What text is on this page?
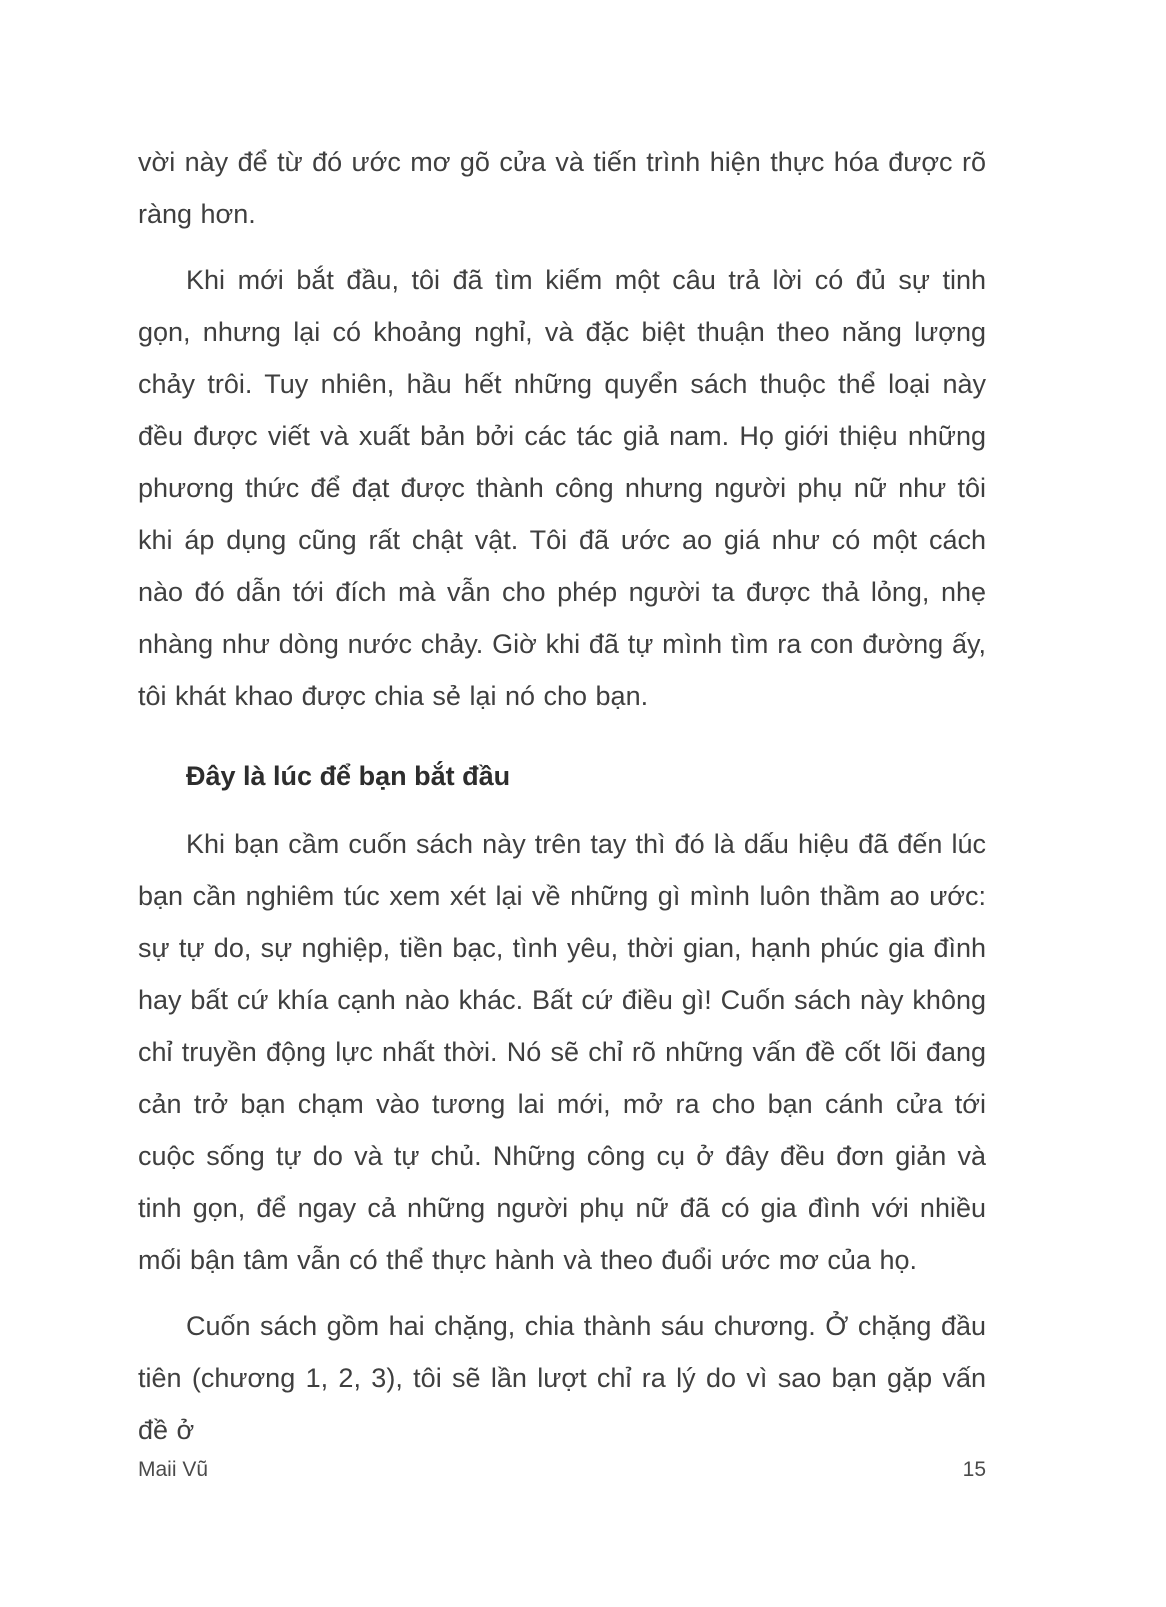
vời này để từ đó ước mơ gõ cửa và tiến trình hiện thực hóa được rõ ràng hơn.

Khi mới bắt đầu, tôi đã tìm kiếm một câu trả lời có đủ sự tinh gọn, nhưng lại có khoảng nghỉ, và đặc biệt thuận theo năng lượng chảy trôi. Tuy nhiên, hầu hết những quyển sách thuộc thể loại này đều được viết và xuất bản bởi các tác giả nam. Họ giới thiệu những phương thức để đạt được thành công nhưng người phụ nữ như tôi khi áp dụng cũng rất chật vật. Tôi đã ước ao giá như có một cách nào đó dẫn tới đích mà vẫn cho phép người ta được thả lỏng, nhẹ nhàng như dòng nước chảy. Giờ khi đã tự mình tìm ra con đường ấy, tôi khát khao được chia sẻ lại nó cho bạn.

Đây là lúc để bạn bắt đầu

Khi bạn cầm cuốn sách này trên tay thì đó là dấu hiệu đã đến lúc bạn cần nghiêm túc xem xét lại về những gì mình luôn thầm ao ước: sự tự do, sự nghiệp, tiền bạc, tình yêu, thời gian, hạnh phúc gia đình hay bất cứ khía cạnh nào khác. Bất cứ điều gì! Cuốn sách này không chỉ truyền động lực nhất thời. Nó sẽ chỉ rõ những vấn đề cốt lõi đang cản trở bạn chạm vào tương lai mới, mở ra cho bạn cánh cửa tới cuộc sống tự do và tự chủ. Những công cụ ở đây đều đơn giản và tinh gọn, để ngay cả những người phụ nữ đã có gia đình với nhiều mối bận tâm vẫn có thể thực hành và theo đuổi ước mơ của họ.

Cuốn sách gồm hai chặng, chia thành sáu chương. Ở chặng đầu tiên (chương 1, 2, 3), tôi sẽ lần lượt chỉ ra lý do vì sao bạn gặp vấn đề ở

Maii Vũ	15
